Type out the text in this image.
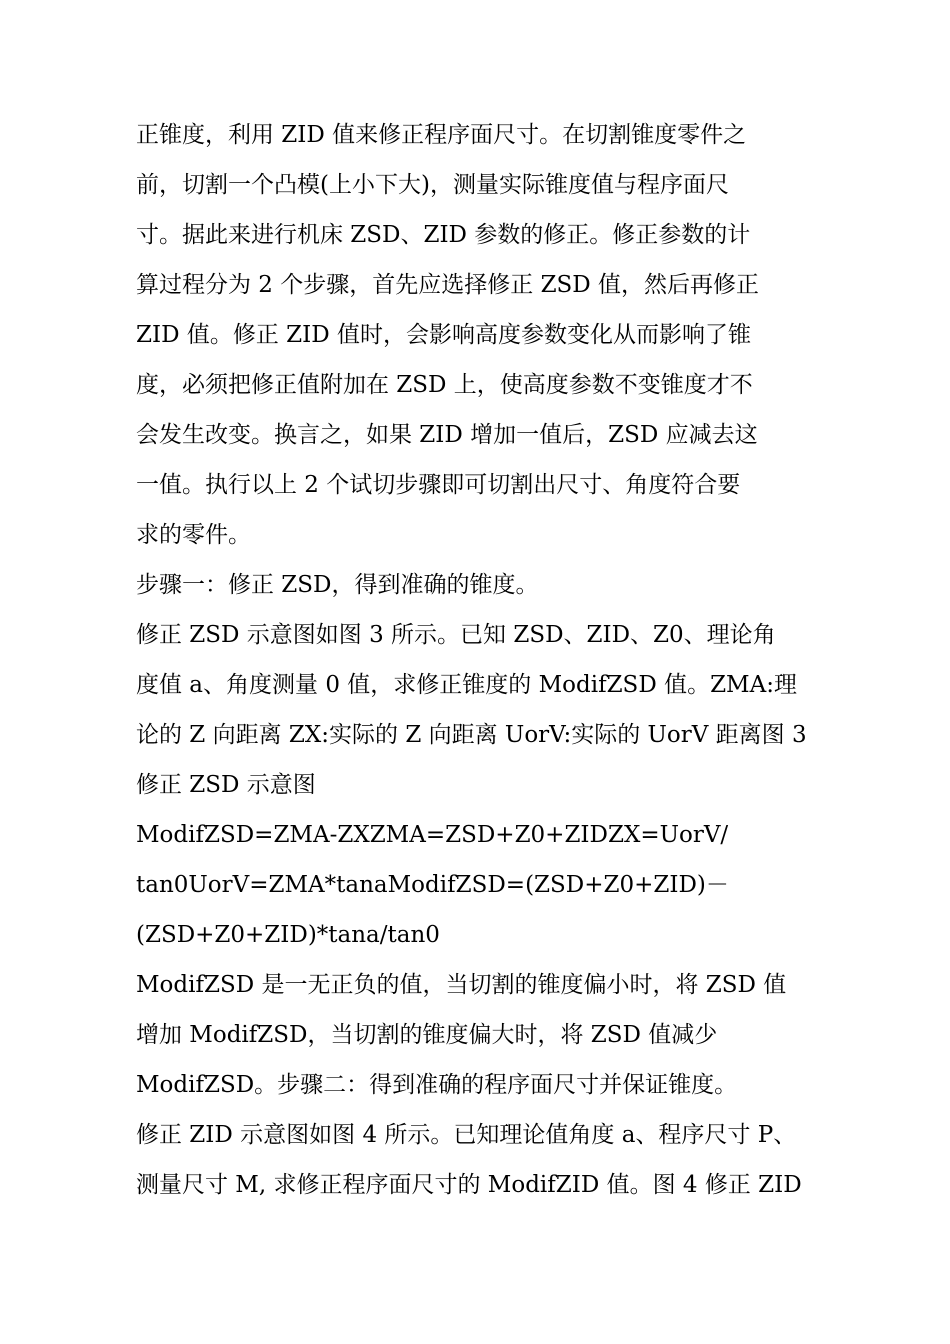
正锥度，利用 ZID 值来修正程序面尺寸。在切割锥度零件之
前，切割一个凸模(上小下大)，测量实际锥度值与程序面尺
寸。据此来进行机床 ZSD、ZID 参数的修正。修正参数的计
算过程分为 2 个步骤，首先应选择修正 ZSD 值，然后再修正
ZID 值。修正 ZID 值时，会影响高度参数变化从而影响了锥
度，必须把修正值附加在 ZSD 上，使高度参数不变锥度才不
会发生改变。换言之，如果 ZID 增加一值后，ZSD 应减去这
一值。执行以上 2 个试切步骤即可切割出尺寸、角度符合要
求的零件。
步骤一：修正 ZSD，得到准确的锥度。
修正 ZSD 示意图如图 3 所示。已知 ZSD、ZID、Z0、理论角
度值 a、角度测量 0 值，求修正锥度的 ModifZSD 值。ZMA:理
论的 Z 向距离 ZX:实际的 Z 向距离 UorV:实际的 UorV 距离图 3
修正 ZSD 示意图
ModifZSD=ZMA-ZXZMA=ZSD+Z0+ZIDZX=UorV/
tan0UorV=ZMA*tanaModifZSD=(ZSD+Z0+ZID)－
(ZSD+Z0+ZID)*tana/tan0
ModifZSD 是一无正负的值，当切割的锥度偏小时，将 ZSD 值
增加 ModifZSD，当切割的锥度偏大时，将 ZSD 值减少
ModifZSD。步骤二：得到准确的程序面尺寸并保证锥度。
修正 ZID 示意图如图 4 所示。已知理论值角度 a、程序尺寸 P、
测量尺寸 M, 求修正程序面尺寸的 ModifZID 值。图 4 修正 ZID
